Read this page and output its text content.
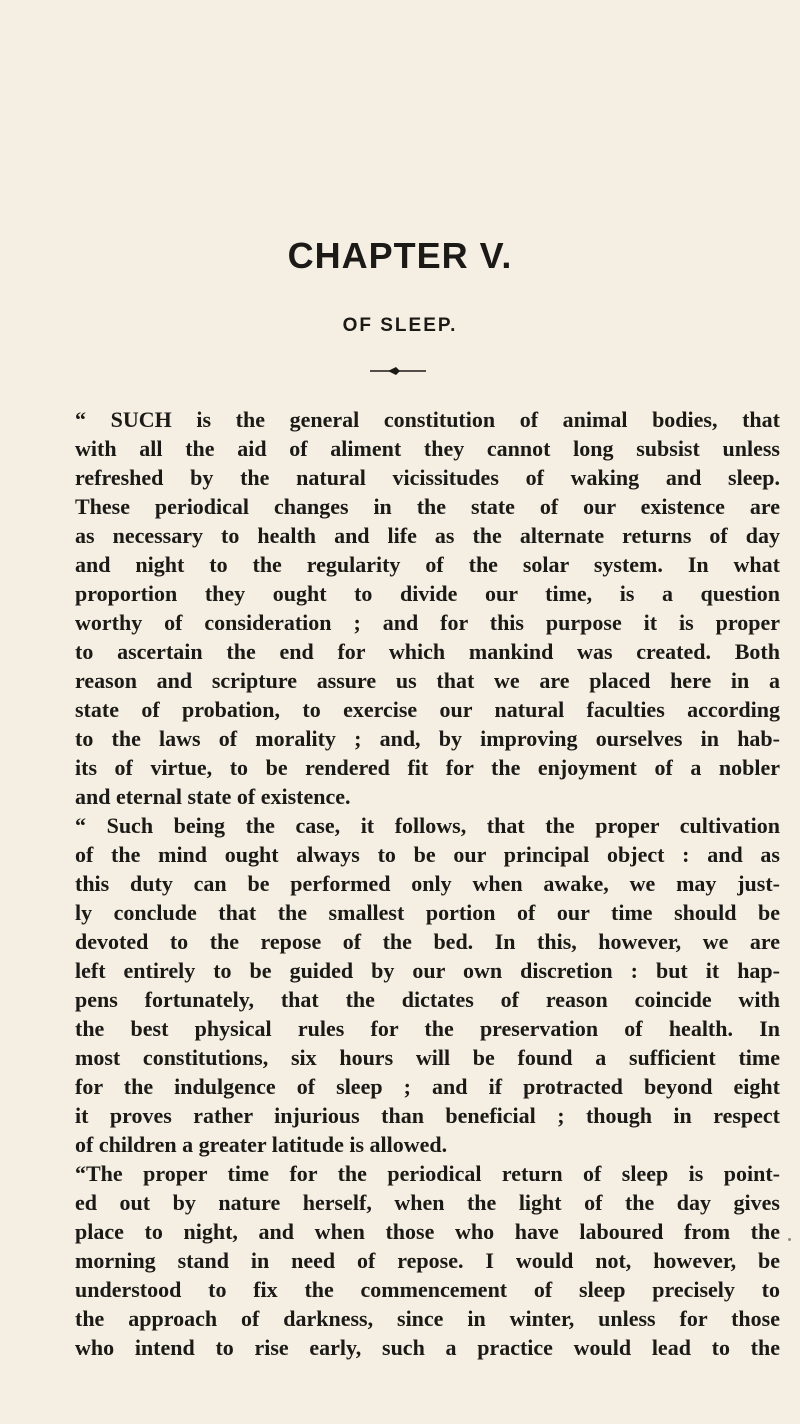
CHAPTER V.
OF SLEEP.
“ SUCH is the general constitution of animal bodies, that
with all the aid of aliment they cannot long subsist unless
refreshed by the natural vicissitudes of waking and sleep.
These periodical changes in the state of our existence are
as necessary to health and life as the alternate returns of day
and night to the regularity of the solar system. In what
proportion they ought to divide our time, is a question
worthy of consideration ; and for this purpose it is proper
to ascertain the end for which mankind was created. Both
reason and scripture assure us that we are placed here in a
state of probation, to exercise our natural faculties according
to the laws of morality ; and, by improving ourselves in hab-
its of virtue, to be rendered fit for the enjoyment of a nobler
and eternal state of existence.
“ Such being the case, it follows, that the proper cultivation
of the mind ought always to be our principal object : and as
this duty can be performed only when awake, we may just-
ly conclude that the smallest portion of our time should be
devoted to the repose of the bed. In this, however, we are
left entirely to be guided by our own discretion : but it hap-
pens fortunately, that the dictates of reason coincide with
the best physical rules for the preservation of health. In
most constitutions, six hours will be found a sufficient time
for the indulgence of sleep ; and if protracted beyond eight
it proves rather injurious than beneficial ; though in respect
of children a greater latitude is allowed.
“The proper time for the periodical return of sleep is point-
ed out by nature herself, when the light of the day gives
place to night, and when those who have laboured from the
morning stand in need of repose. I would not, however, be
understood to fix the commencement of sleep precisely to
the approach of darkness, since in winter, unless for those
who intend to rise early, such a practice would lead to the
